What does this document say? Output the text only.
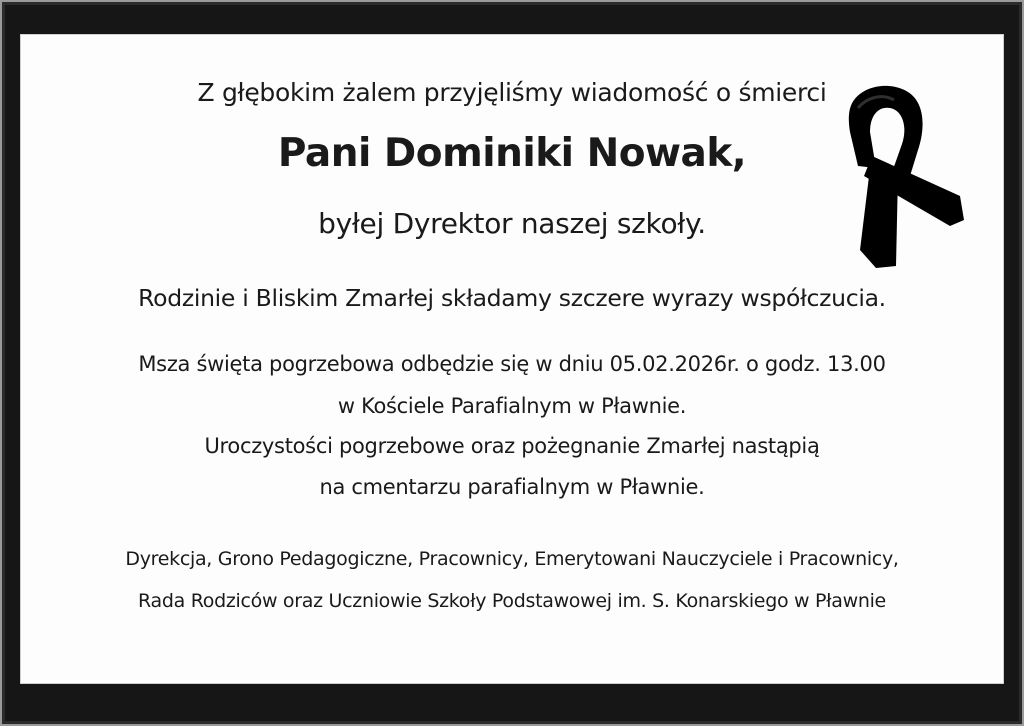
Z głębokim żalem przyjęliśmy wiadomość o śmierci
Pani Dominiki Nowak,
byłej Dyrektor naszej szkoły.
Rodzinie i Bliskim Zmarłej składamy szczere wyrazy współczucia.
Msza święta pogrzebowa odbędzie się w dniu 05.02.2026r. o godz. 13.00
w Kościele Parafialnym w Pławnie.
Uroczystości pogrzebowe oraz pożegnanie Zmarłej nastąpią
na cmentarzu parafialnym w Pławnie.
Dyrekcja, Grono Pedagogiczne, Pracownicy, Emerytowani Nauczyciele i Pracownicy,
Rada Rodziców oraz Uczniowie Szkoły Podstawowej im. S. Konarskiego w Pławnie
